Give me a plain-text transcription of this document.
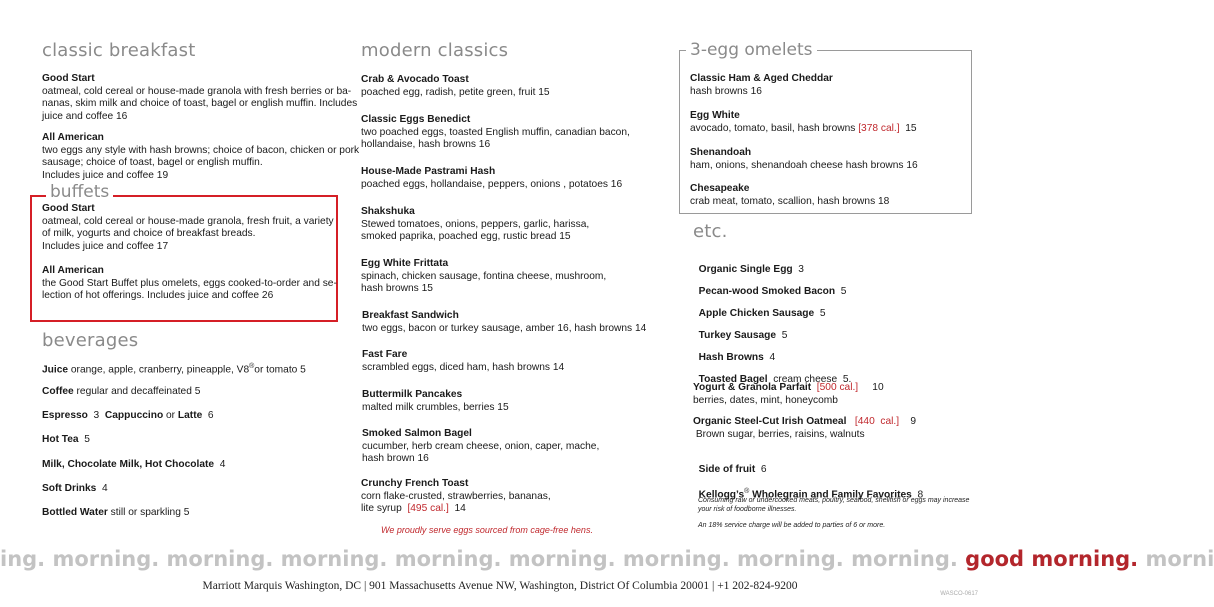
classic breakfast
Good Start
oatmeal, cold cereal or house-made granola with fresh berries or ba-
nanas, skim milk and choice of toast, bagel or english muffin. Includes
juice and coffee 16
All American
two eggs any style with hash browns; choice of bacon, chicken or pork
sausage; choice of toast, bagel or english muffin.
Includes juice and coffee 19
buffets
Good Start
oatmeal, cold cereal or house-made granola, fresh fruit, a variety
of milk, yogurts and choice of breakfast breads.
Includes juice and coffee 17
All American
the Good Start Buffet plus omelets, eggs cooked-to-order and se-
lection of hot offerings. Includes juice and coffee 26
beverages
Juice orange, apple, cranberry, pineapple, V8®or tomato 5
Coffee regular and decaffeinated 5
Espresso  3  Cappuccino or Latte  6
Hot Tea  5
Milk, Chocolate Milk, Hot Chocolate  4
Soft Drinks  4
Bottled Water still or sparkling 5
modern classics
Crab & Avocado Toast
poached egg, radish, petite green, fruit 15
Classic Eggs Benedict
two poached eggs, toasted English muffin, canadian bacon,
hollandaise, hash browns 16
House-Made Pastrami Hash
poached eggs, hollandaise, peppers, onions , potatoes 16
Shakshuka
Stewed tomatoes, onions, peppers, garlic, harissa,
smoked paprika, poached egg, rustic bread 15
Egg White Frittata
spinach, chicken sausage, fontina cheese, mushroom,
hash browns 15
Breakfast Sandwich
two eggs, bacon or turkey sausage, amber 16, hash browns 14
Fast Fare
scrambled eggs, diced ham, hash browns 14
Buttermilk Pancakes
malted milk crumbles, berries 15
Smoked Salmon Bagel
cucumber, herb cream cheese, onion, caper, mache,
hash brown 16
Crunchy French Toast
corn flake-crusted, strawberries, bananas,
lite syrup  [495 cal.]  14
We proudly serve eggs sourced from cage-free hens.
3-egg omelets
Classic Ham & Aged Cheddar
hash browns 16
Egg White
avocado, tomato, basil, hash browns [378 cal.]  15
Shenandoah
ham, onions, shenandoah cheese hash browns 16
Chesapeake
crab meat, tomato, scallion, hash browns 18
etc.

Organic Single Egg  3

Pecan-wood Smoked Bacon  5

Apple Chicken Sausage  5

Turkey Sausage  5

Hash Browns  4

Toasted Bagel  cream cheese  5.

Yogurt & Granola Parfait  [500 cal.]     10
berries, dates, mint, honeycomb
Organic Steel-Cut Irish Oatmeal   [440  cal.]    9
Brown sugar, berries, raisins, walnuts

Side of fruit  6

Kellogg’s® Wholegrain and Family Favorites  8

Consuming raw or undercooked meats, poultry, seafood, shellfish or eggs may increase
your risk of foodborne illnesses.
An 18% service charge will be added to parties of 6 or more.
ing. morning. morning. morning. morning. morning. morning. morning. morning. good morning. morni
Marriott Marquis Washington, DC | 901 Massachusetts Avenue NW, Washington, District Of Columbia 20001 | +1 202-824-9200
WASCO-0617
